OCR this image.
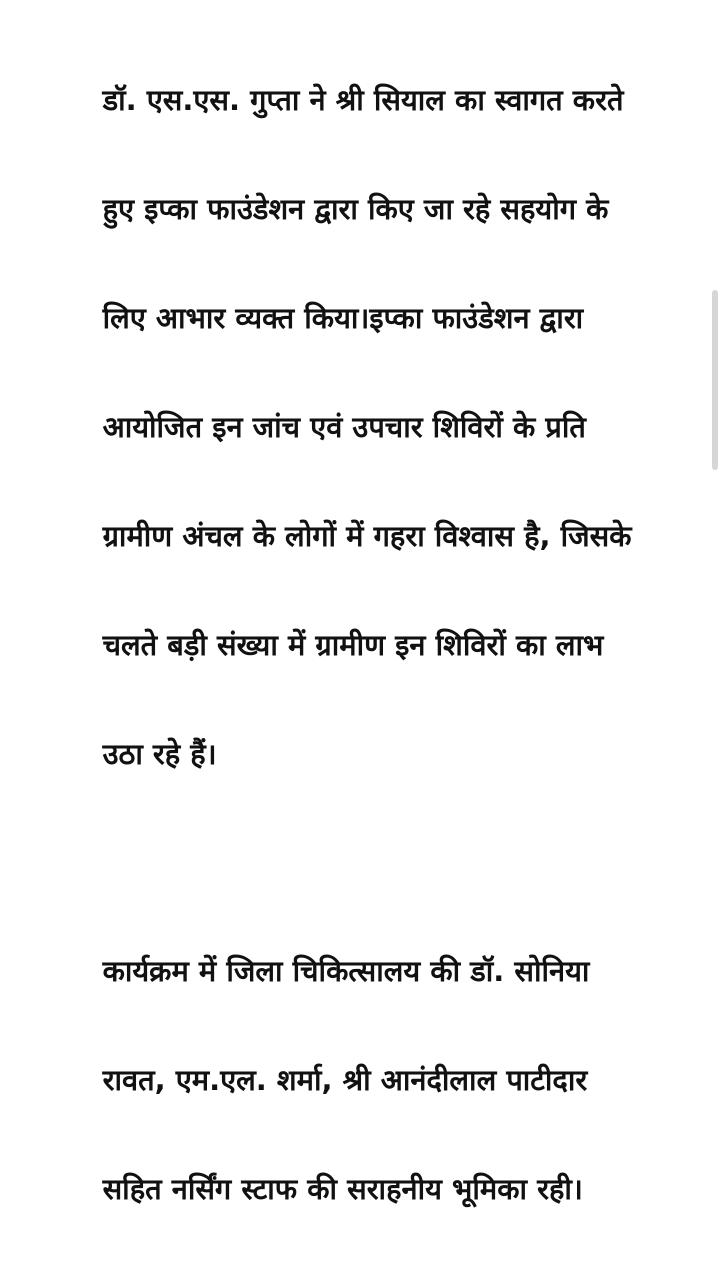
डॉ. एस.एस. गुप्ता ने श्री सियाल का स्वागत करते

हुए इप्का फाउंडेशन द्वारा किए जा रहे सहयोग के

लिए आभार व्यक्त किया।इप्का फाउंडेशन द्वारा

आयोजित इन जांच एवं उपचार शिविरों के प्रति

ग्रामीण अंचल के लोगों में गहरा विश्वास है, जिसके

चलते बड़ी संख्या में ग्रामीण इन शिविरों का लाभ

उठा रहे हैं।

कार्यक्रम में जिला चिकित्सालय की डॉ. सोनिया

रावत, एम.एल. शर्मा, श्री आनंदीलाल पाटीदार

सहित नर्सिंग स्टाफ की सराहनीय भूमिका रही।
